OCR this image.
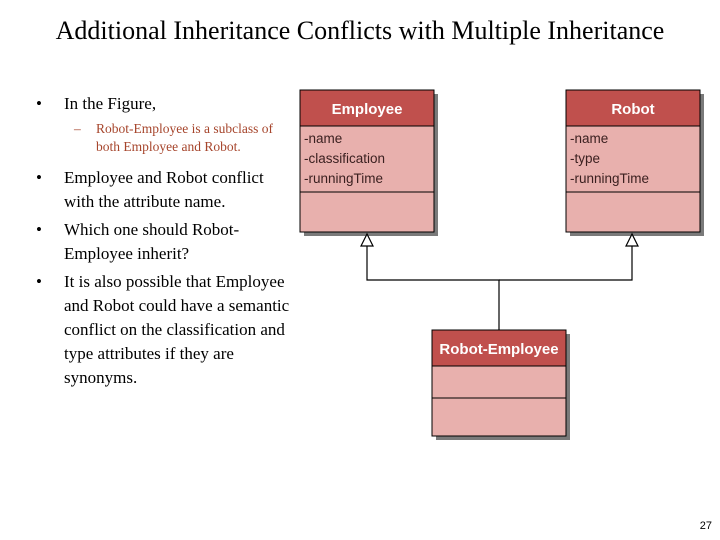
Additional Inheritance Conflicts with Multiple Inheritance
• In the Figure,
– Robot-Employee is a subclass of both Employee and Robot.
• Employee and Robot conflict with the attribute name.
• Which one should Robot-Employee inherit?
• It is also possible that Employee and Robot could have a semantic conflict on the classification and type attributes if they are synonyms.
Employee
-name
-classification
-runningTime
Robot
-name
-type
-runningTime
Robot-Employee
27
